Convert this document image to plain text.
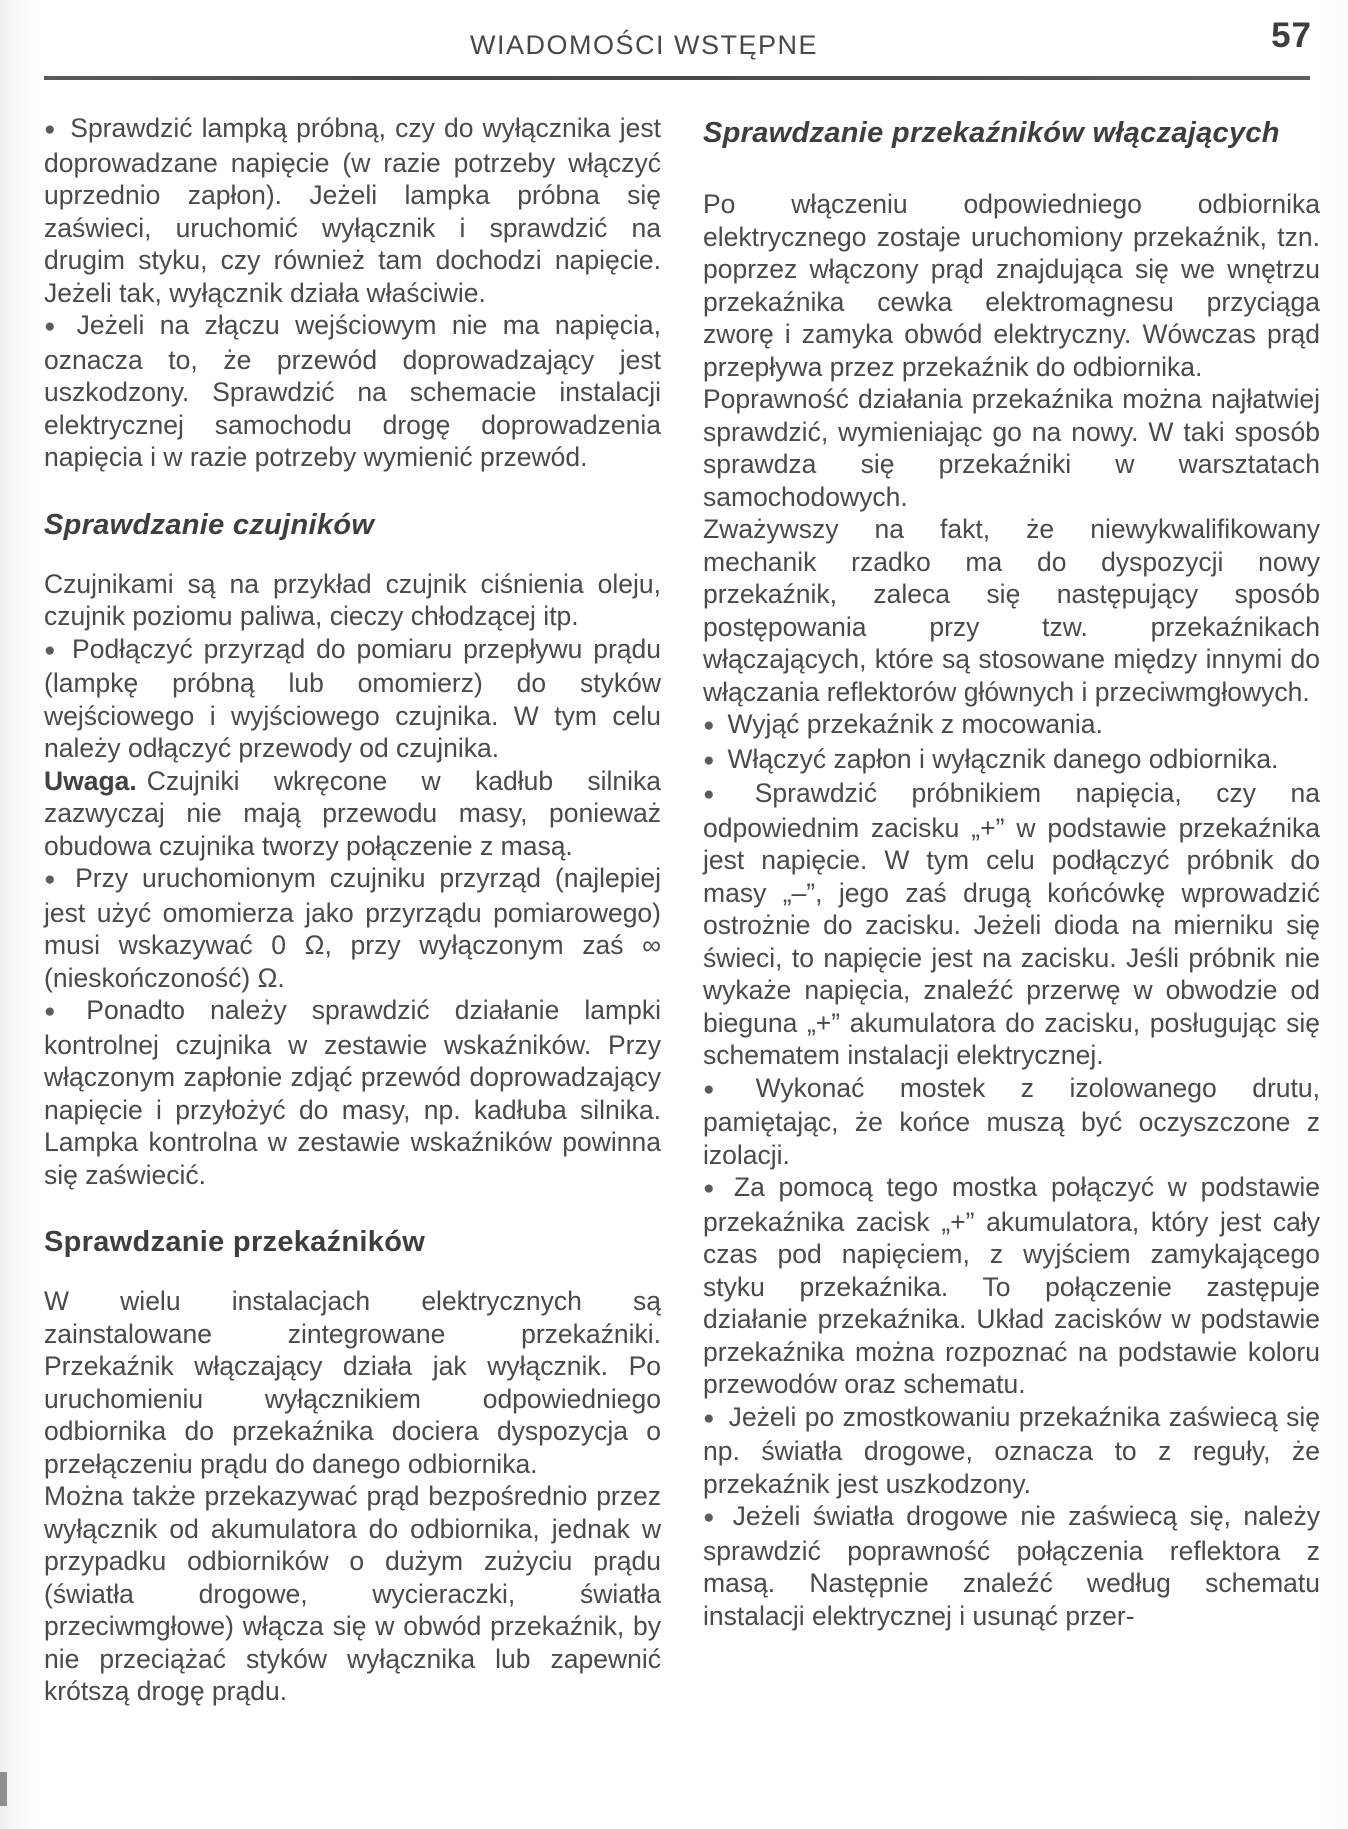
WIADOMOŚCI WSTĘPNE	57

● Sprawdzić lampką próbną, czy do wyłącznika jest doprowadzane napięcie (w razie potrzeby włączyć uprzednio zapłon). Jeżeli lampka próbna się zaświeci, uruchomić wyłącznik i sprawdzić na drugim styku, czy również tam dochodzi napięcie. Jeżeli tak, wyłącznik działa właściwie.

● Jeżeli na złączu wejściowym nie ma napięcia, oznacza to, że przewód doprowadzający jest uszkodzony. Sprawdzić na schemacie instalacji elektrycznej samochodu drogę doprowadzenia napięcia i w razie potrzeby wymienić przewód.

Sprawdzanie czujników

Czujnikami są na przykład czujnik ciśnienia oleju, czujnik poziomu paliwa, cieczy chłodzącej itp.

● Podłączyć przyrząd do pomiaru przepływu prądu (lampkę próbną lub omomierz) do styków wejściowego i wyjściowego czujnika. W tym celu należy odłączyć przewody od czujnika.

Uwaga. Czujniki wkręcone w kadłub silnika zazwyczaj nie mają przewodu masy, ponieważ obudowa czujnika tworzy połączenie z masą.

● Przy uruchomionym czujniku przyrząd (najlepiej jest użyć omomierza jako przyrządu pomiarowego) musi wskazywać 0 Ω, przy wyłączonym zaś ∞ (nieskończoność) Ω.

● Ponadto należy sprawdzić działanie lampki kontrolnej czujnika w zestawie wskaźników. Przy włączonym zapłonie zdjąć przewód doprowadzający napięcie i przyłożyć do masy, np. kadłuba silnika. Lampka kontrolna w zestawie wskaźników powinna się zaświecić.

Sprawdzanie przekaźników

W wielu instalacjach elektrycznych są zainstalowane zintegrowane przekaźniki. Przekaźnik włączający działa jak wyłącznik. Po uruchomieniu wyłącznikiem odpowiedniego odbiornika do przekaźnika dociera dyspozycja o przełączeniu prądu do danego odbiornika.

Można także przekazywać prąd bezpośrednio przez wyłącznik od akumulatora do odbiornika, jednak w przypadku odbiorników o dużym zużyciu prądu (światła drogowe, wycieraczki, światła przeciwmgłowe) włącza się w obwód przekaźnik, by nie przeciążać styków wyłącznika lub zapewnić krótszą drogę prądu.

Sprawdzanie przekaźników włączających

Po włączeniu odpowiedniego odbiornika elektrycznego zostaje uruchomiony przekaźnik, tzn. poprzez włączony prąd znajdująca się we wnętrzu przekaźnika cewka elektromagnesu przyciąga zworę i zamyka obwód elektryczny. Wówczas prąd przepływa przez przekaźnik do odbiornika.

Poprawność działania przekaźnika można najłatwiej sprawdzić, wymieniając go na nowy. W taki sposób sprawdza się przekaźniki w warsztatach samochodowych.

Zważywszy na fakt, że niewykwalifikowany mechanik rzadko ma do dyspozycji nowy przekaźnik, zaleca się następujący sposób postępowania przy tzw. przekaźnikach włączających, które są stosowane między innymi do włączania reflektorów głównych i przeciwmgłowych.

● Wyjąć przekaźnik z mocowania.

● Włączyć zapłon i wyłącznik danego odbiornika.

● Sprawdzić próbnikiem napięcia, czy na odpowiednim zacisku „+” w podstawie przekaźnika jest napięcie. W tym celu podłączyć próbnik do masy „–”, jego zaś drugą końcówkę wprowadzić ostrożnie do zacisku. Jeżeli dioda na mierniku się świeci, to napięcie jest na zacisku. Jeśli próbnik nie wykaże napięcia, znaleźć przerwę w obwodzie od bieguna „+” akumulatora do zacisku, posługując się schematem instalacji elektrycznej.

● Wykonać mostek z izolowanego drutu, pamiętając, że końce muszą być oczyszczone z izolacji.

● Za pomocą tego mostka połączyć w podstawie przekaźnika zacisk „+” akumulatora, który jest cały czas pod napięciem, z wyjściem zamykającego styku przekaźnika. To połączenie zastępuje działanie przekaźnika. Układ zacisków w podstawie przekaźnika można rozpoznać na podstawie koloru przewodów oraz schematu.

● Jeżeli po zmostkowaniu przekaźnika zaświecą się np. światła drogowe, oznacza to z reguły, że przekaźnik jest uszkodzony.

● Jeżeli światła drogowe nie zaświecą się, należy sprawdzić poprawność połączenia reflektora z masą. Następnie znaleźć według schematu instalacji elektrycznej i usunąć przer-
